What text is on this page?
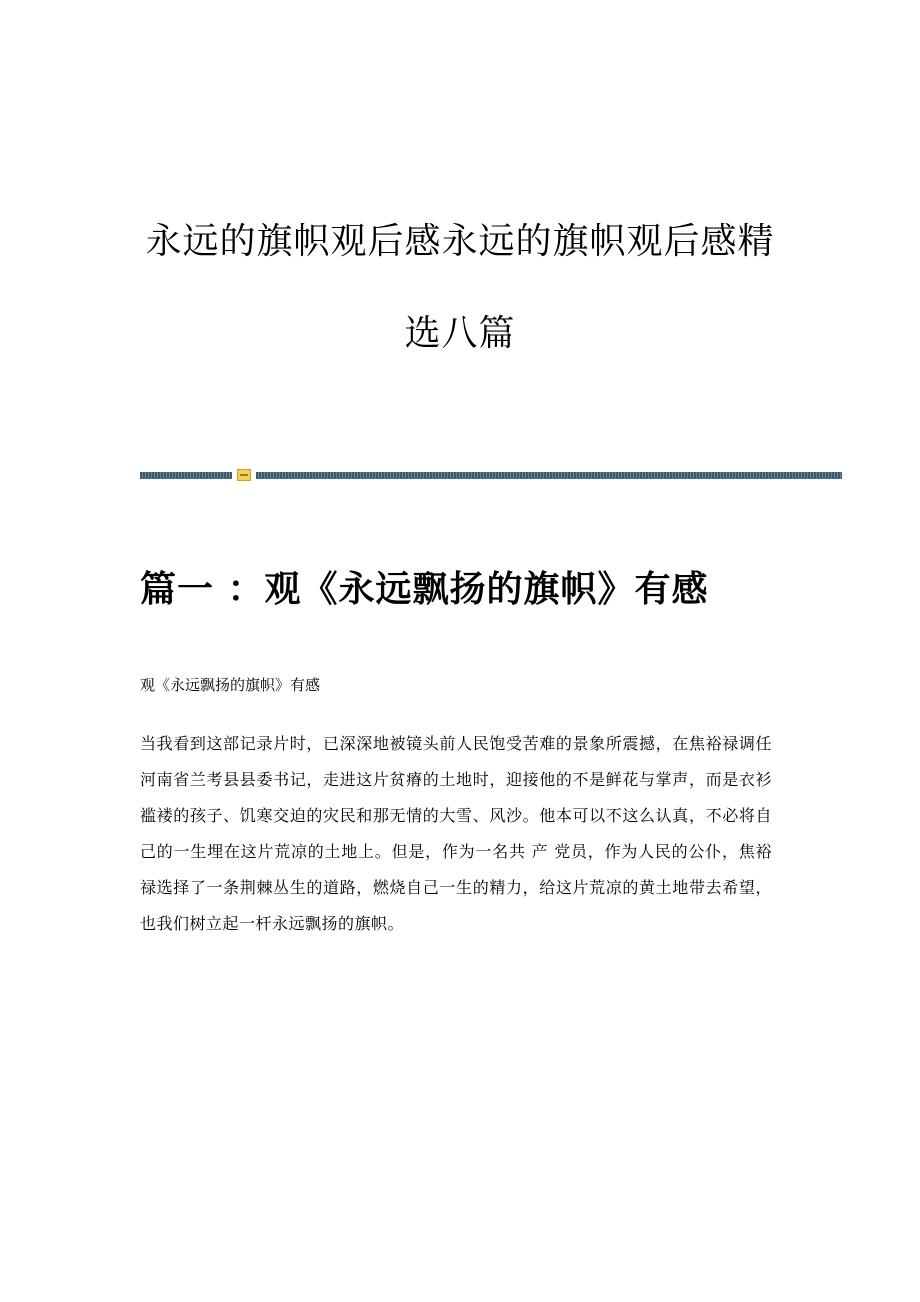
永远的旗帜观后感永远的旗帜观后感精
选八篇
篇一 ：观《永远飘扬的旗帜》有感

观《永远飘扬的旗帜》有感

当我看到这部记录片时，已深深地被镜头前人民饱受苦难的景象所震撼，在焦裕禄调任河南省兰考县县委书记，走进这片贫瘠的土地时，迎接他的不是鲜花与掌声，而是衣衫褴褛的孩子、饥寒交迫的灾民和那无情的大雪、风沙。他本可以不这么认真，不必将自己的一生埋在这片荒凉的土地上。但是，作为一名共 产 党员，作为人民的公仆，焦裕禄选择了一条荆棘丛生的道路，燃烧自己一生的精力，给这片荒凉的黄土地带去希望，也我们树立起一杆永远飘扬的旗帜。
